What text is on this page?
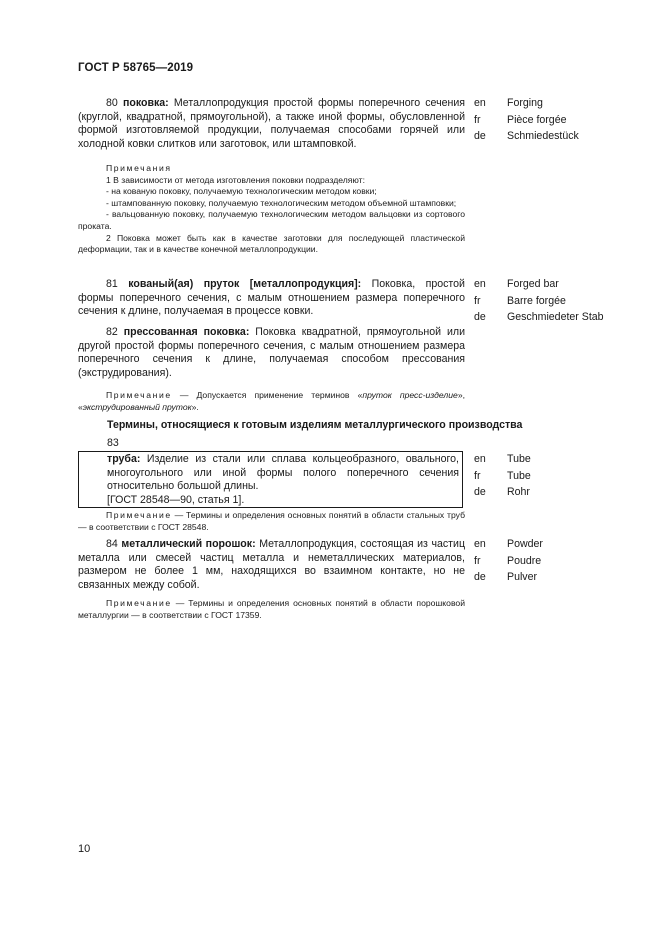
ГОСТ Р 58765—2019
80 поковка: Металлопродукция простой формы поперечного сечения (круглой, квадратной, прямоугольной), а также иной формы, обусловленной формой изготовляемой продукции, получаемая способами горячей или холодной ковки слитков или заготовок, или штамповкой.
en	Forging
fr	Pièce forgée
de	Schmiedestück
Примечания
1 В зависимости от метода изготовления поковки подразделяют:
- на кованую поковку, получаемую технологическим методом ковки;
- штампованную поковку, получаемую технологическим методом объемной штамповки;
- вальцованную поковку, получаемую технологическим методом вальцовки из сортового проката.
2 Поковка может быть как в качестве заготовки для последующей пластической деформации, так и в качестве конечной металлопродукции.
81 кованый(ая) пруток [металлопродукция]: Поковка, простой формы поперечного сечения, с малым отношением размера поперечного сечения к длине, получаемая в процессе ковки.
en	Forged bar
fr	Barre forgée
de	Geschmiedeter Stab
82 прессованная поковка: Поковка квадратной, прямоугольной или другой простой формы поперечного сечения, с малым отношением размера поперечного сечения к длине, получаемая способом прессования (экструдирования).
Примечание — Допускается применение терминов «пруток пресс-изделие», «экструдированный пруток».
Термины, относящиеся к готовым изделиям металлургического производства
83
труба: Изделие из стали или сплава кольцеобразного, овального, многоугольного или иной формы полого поперечного сечения относительно большой длины.
[ГОСТ 28548—90, статья 1].
en	Tube
fr	Tube
de	Rohr
Примечание — Термины и определения основных понятий в области стальных труб — в соответствии с ГОСТ 28548.
84 металлический порошок: Металлопродукция, состоящая из частиц металла или смесей частиц металла и неметаллических материалов, размером не более 1 мм, находящихся во взаимном контакте, но не связанных между собой.
en	Powder
fr	Poudre
de	Pulver
Примечание — Термины и определения основных понятий в области порошковой металлургии — в соответствии с ГОСТ 17359.
10
